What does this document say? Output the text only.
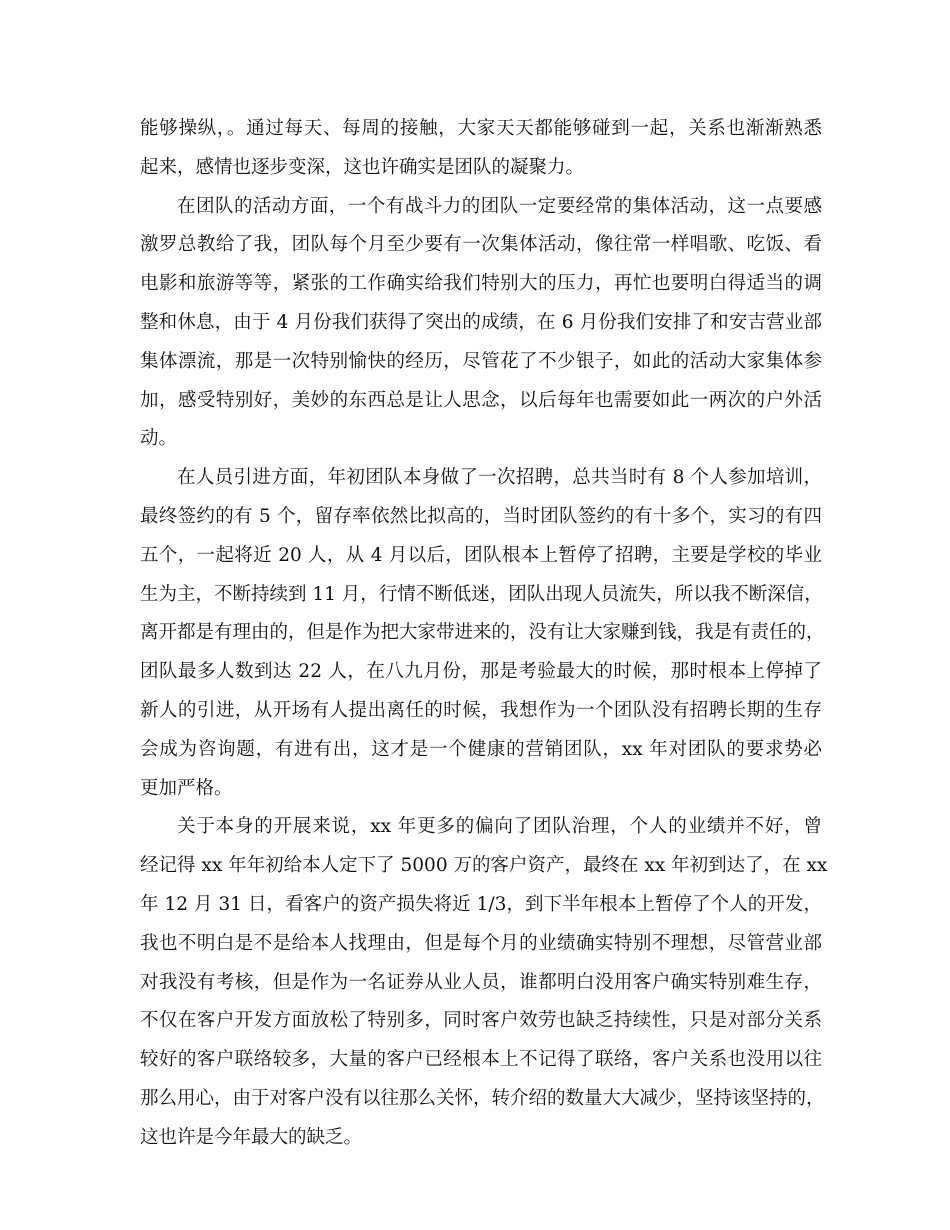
能够操纵，。通过每天、每周的接触，大家天天都能够碰到一起，关系也渐渐熟悉
起来，感情也逐步变深，这也许确实是团队的凝聚力。
在团队的活动方面，一个有战斗力的团队一定要经常的集体活动，这一点要感
激罗总教给了我，团队每个月至少要有一次集体活动，像往常一样唱歌、吃饭、看
电影和旅游等等，紧张的工作确实给我们特别大的压力，再忙也要明白得适当的调
整和休息，由于 4 月份我们获得了突出的成绩，在 6 月份我们安排了和安吉营业部
集体漂流，那是一次特别愉快的经历，尽管花了不少银子，如此的活动大家集体参
加，感受特别好，美妙的东西总是让人思念，以后每年也需要如此一两次的户外活
动。
在人员引进方面，年初团队本身做了一次招聘，总共当时有 8 个人参加培训，
最终签约的有 5 个，留存率依然比拟高的，当时团队签约的有十多个，实习的有四
五个，一起将近 20 人，从 4 月以后，团队根本上暂停了招聘，主要是学校的毕业
生为主，不断持续到 11 月，行情不断低迷，团队出现人员流失，所以我不断深信，
离开都是有理由的，但是作为把大家带进来的，没有让大家赚到钱，我是有责任的，
团队最多人数到达 22 人，在八九月份，那是考验最大的时候，那时根本上停掉了
新人的引进，从开场有人提出离任的时候，我想作为一个团队没有招聘长期的生存
会成为咨询题，有进有出，这才是一个健康的营销团队，xx 年对团队的要求势必
更加严格。
关于本身的开展来说，xx 年更多的偏向了团队治理，个人的业绩并不好，曾
经记得 xx 年年初给本人定下了 5000 万的客户资产，最终在 xx 年初到达了，在 xx
年 12 月 31 日，看客户的资产损失将近 1/3，到下半年根本上暂停了个人的开发，
我也不明白是不是给本人找理由，但是每个月的业绩确实特别不理想，尽管营业部
对我没有考核，但是作为一名证券从业人员，谁都明白没用客户确实特别难生存，
不仅在客户开发方面放松了特别多，同时客户效劳也缺乏持续性，只是对部分关系
较好的客户联络较多，大量的客户已经根本上不记得了联络，客户关系也没用以往
那么用心，由于对客户没有以往那么关怀，转介绍的数量大大减少，坚持该坚持的，
这也许是今年最大的缺乏。
